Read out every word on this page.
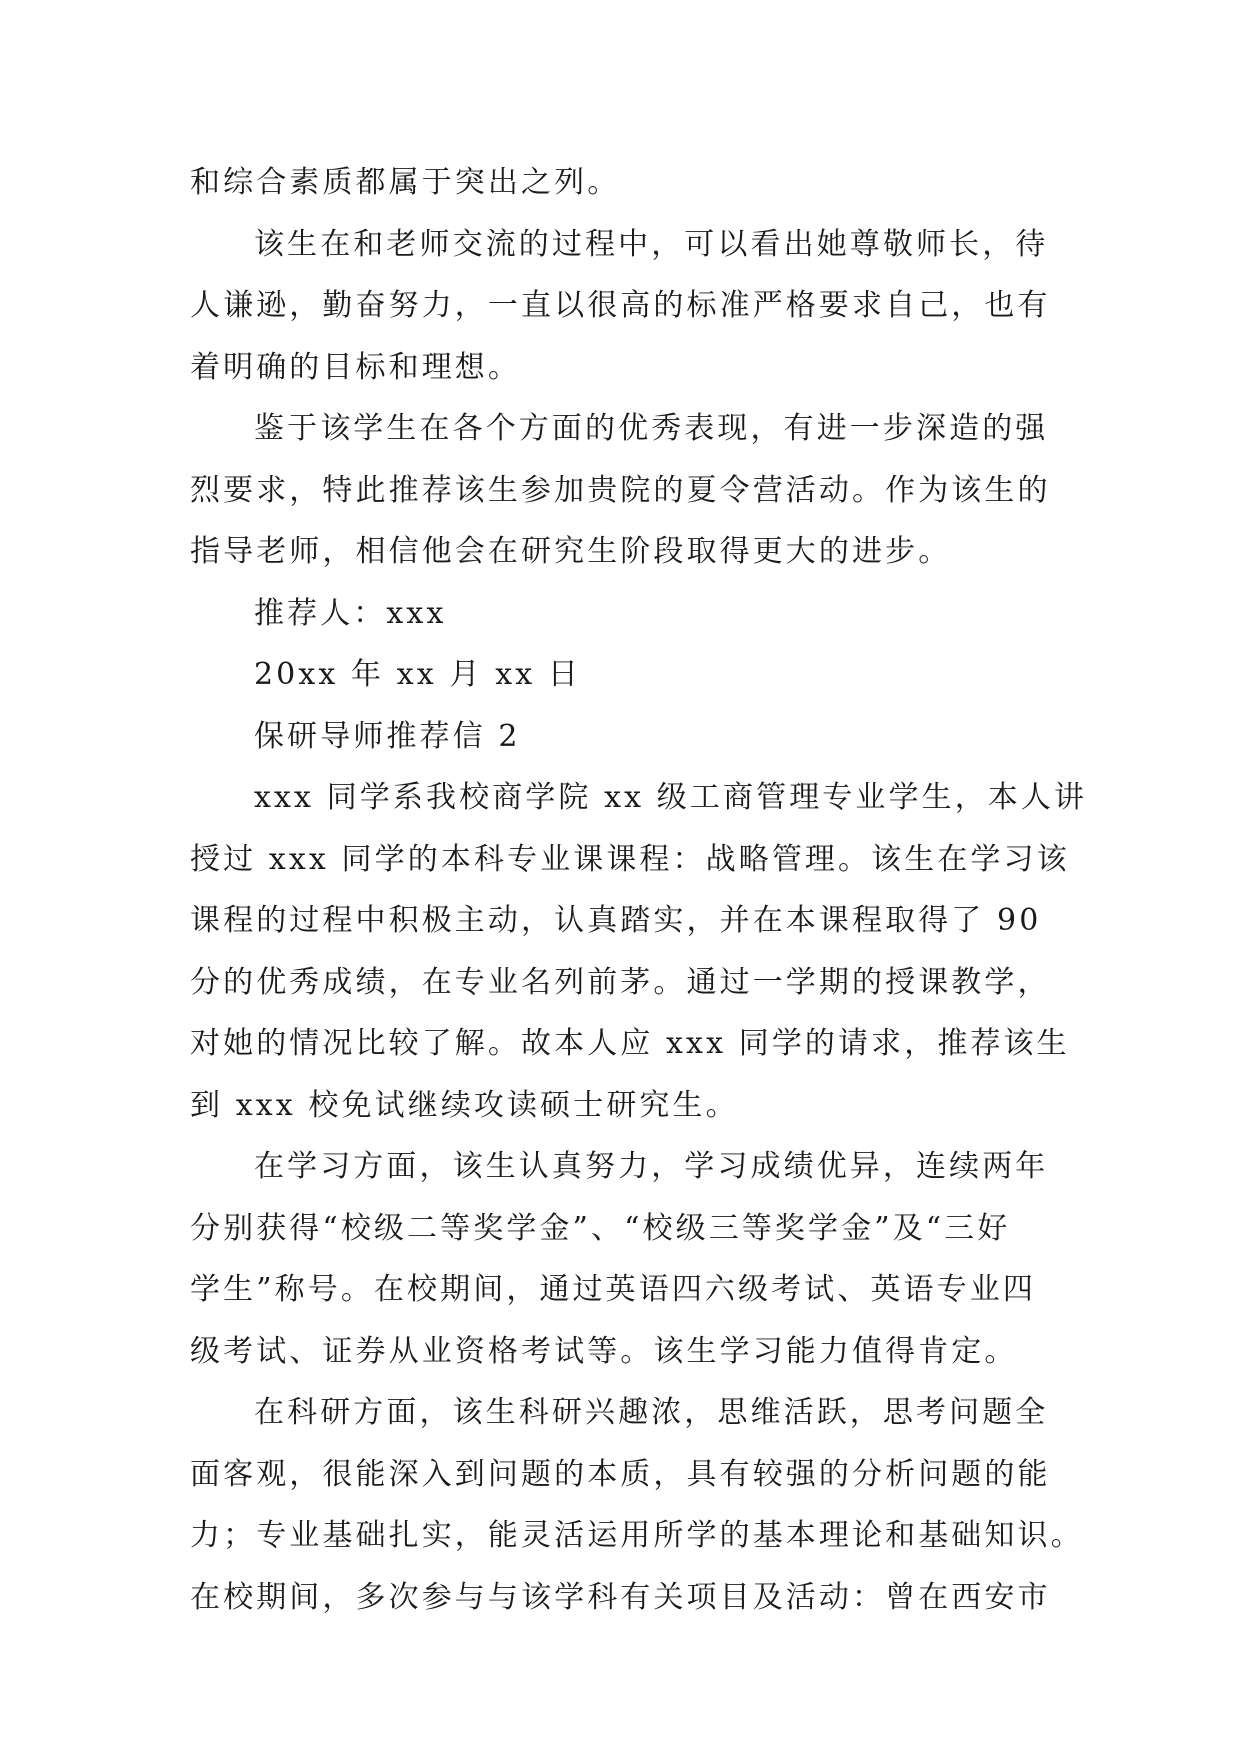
和综合素质都属于突出之列。
该生在和老师交流的过程中，可以看出她尊敬师长，待
人谦逊，勤奋努力，一直以很高的标准严格要求自己，也有
着明确的目标和理想。
鉴于该学生在各个方面的优秀表现，有进一步深造的强
烈要求，特此推荐该生参加贵院的夏令营活动。作为该生的
指导老师，相信他会在研究生阶段取得更大的进步。
推荐人：xxx
20xx 年 xx 月 xx 日
保研导师推荐信 2
xxx 同学系我校商学院 xx 级工商管理专业学生，本人讲
授过 xxx 同学的本科专业课课程：战略管理。该生在学习该
课程的过程中积极主动，认真踏实，并在本课程取得了 90
分的优秀成绩，在专业名列前茅。通过一学期的授课教学，
对她的情况比较了解。故本人应 xxx 同学的请求，推荐该生
到 xxx 校免试继续攻读硕士研究生。
在学习方面，该生认真努力，学习成绩优异，连续两年
分别获得“校级二等奖学金”、“校级三等奖学金”及“三好
学生”称号。在校期间，通过英语四六级考试、英语专业四
级考试、证券从业资格考试等。该生学习能力值得肯定。
在科研方面，该生科研兴趣浓，思维活跃，思考问题全
面客观，很能深入到问题的本质，具有较强的分析问题的能
力；专业基础扎实，能灵活运用所学的基本理论和基础知识。
在校期间，多次参与与该学科有关项目及活动：曾在西安市
